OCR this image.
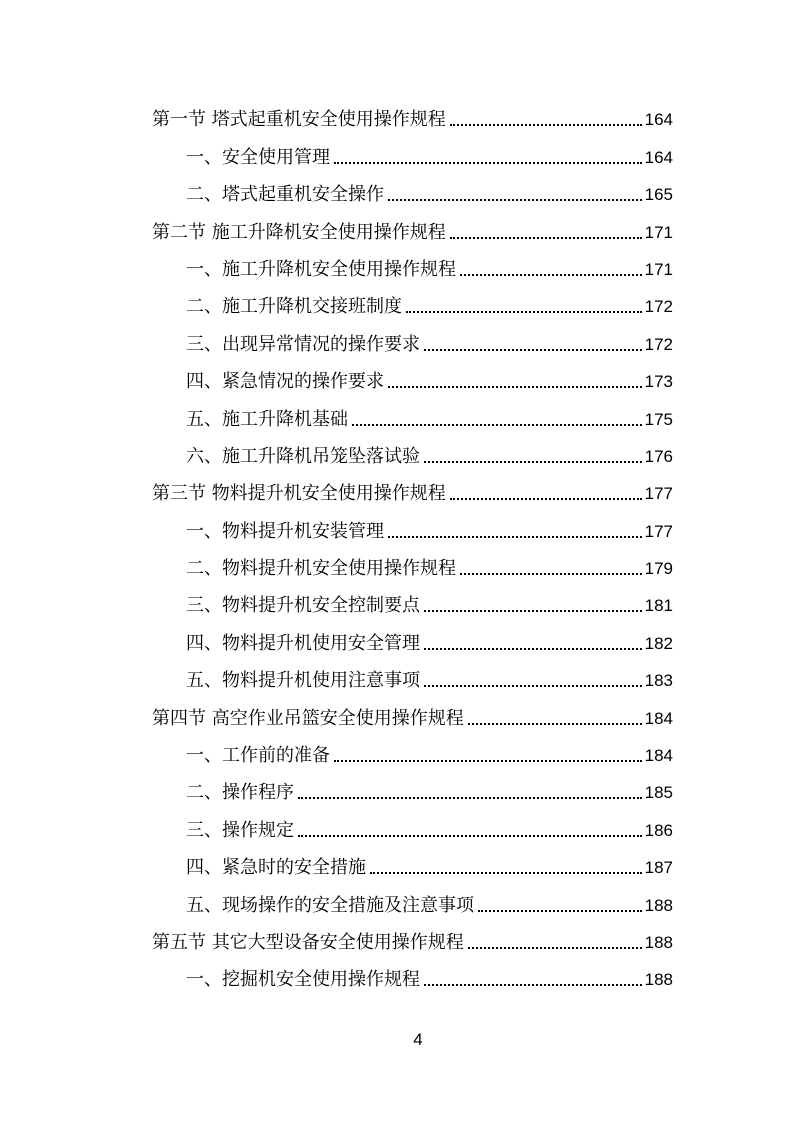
第一节 塔式起重机安全使用操作规程	164
一、安全使用管理	164
二、塔式起重机安全操作	165
第二节 施工升降机安全使用操作规程	171
一、施工升降机安全使用操作规程	171
二、施工升降机交接班制度	172
三、出现异常情况的操作要求	172
四、紧急情况的操作要求	173
五、施工升降机基础	175
六、施工升降机吊笼坠落试验	176
第三节 物料提升机安全使用操作规程	177
一、物料提升机安装管理	177
二、物料提升机安全使用操作规程	179
三、物料提升机安全控制要点	181
四、物料提升机使用安全管理	182
五、物料提升机使用注意事项	183
第四节 高空作业吊篮安全使用操作规程	184
一、工作前的准备	184
二、操作程序	185
三、操作规定	186
四、紧急时的安全措施	187
五、现场操作的安全措施及注意事项	188
第五节 其它大型设备安全使用操作规程	188
一、挖掘机安全使用操作规程	188
4
